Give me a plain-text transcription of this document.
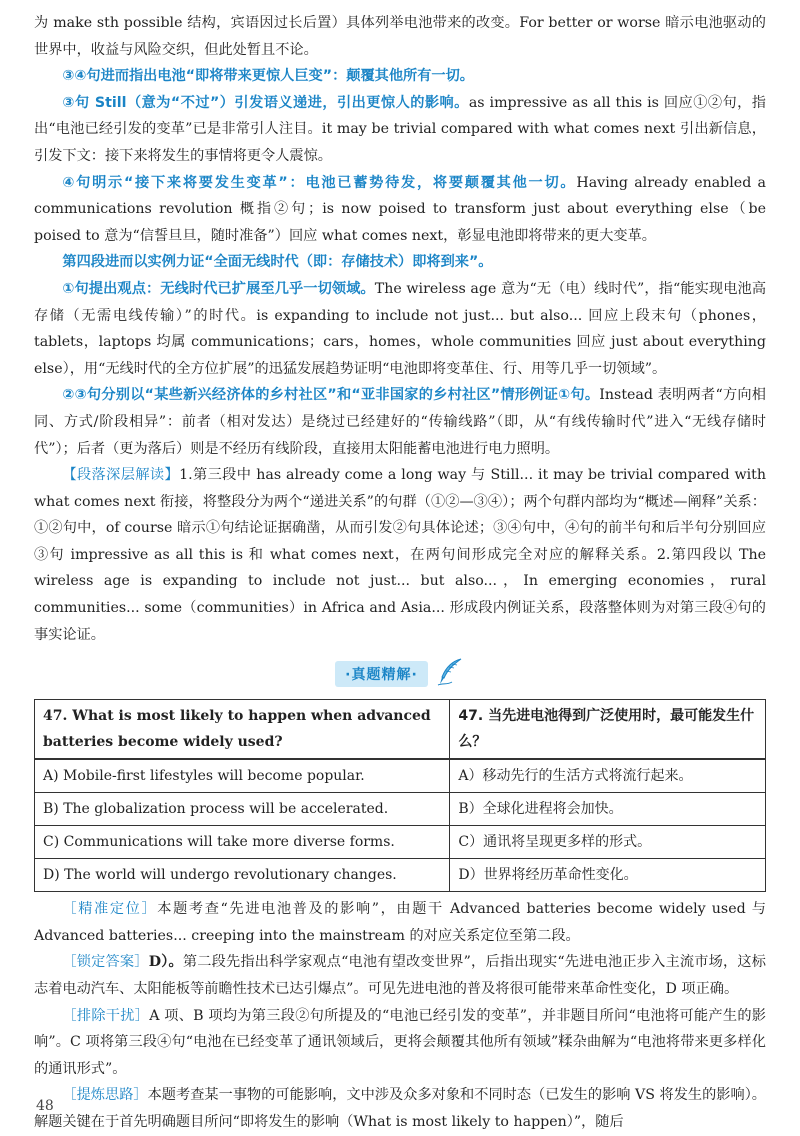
为 make sth possible 结构，宾语因过长后置）具体列举电池带来的改变。For better or worse 暗示电池驱动的世界中，收益与风险交织，但此处暂且不论。

③④句进而指出电池“即将带来更惊人巨变”：颠覆其他所有一切。

③句 Still（意为“不过”）引发语义递进，引出更惊人的影响。as impressive as all this is 回应①②句，指出“电池已经引发的变革”已是非常引人注目。it may be trivial compared with what comes next 引出新信息，引发下文：接下来将发生的事情将更令人震惊。

④句明示“接下来将要发生变革”：电池已蓄势待发，将要颠覆其他一切。Having already enabled a communications revolution 概指②句；is now poised to transform just about everything else（be poised to 意为“信誓旦旦，随时准备”）回应 what comes next，彰显电池即将带来的更大变革。

第四段进而以实例力证“全面无线时代（即：存储技术）即将到来”。

①句提出观点：无线时代已扩展至几乎一切领域。The wireless age 意为“无（电）线时代”，指“能实现电池高存储（无需电线传输）”的时代。is expanding to include not just... but also... 回应上段末句（phones，tablets，laptops 均属 communications；cars，homes，whole communities 回应 just about everything else），用“无线时代的全方位扩展”的迅猛发展趋势证明“电池即将变革住、行、用等几乎一切领域”。

②③句分别以“某些新兴经济体的乡村社区”和“亚非国家的乡村社区”情形例证①句。Instead 表明两者“方向相同、方式/阶段相异”：前者（相对发达）是绕过已经建好的“传输线路”（即，从“有线传输时代”进入“无线存储时代”）；后者（更为落后）则是不经历有线阶段，直接用太阳能蓄电池进行电力照明。

【段落深层解读】1.第三段中 has already come a long way 与 Still... it may be trivial compared with what comes next 衔接，将整段分为两个“递进关系”的句群（①②—③④）；两个句群内部均为“概述—阐释”关系：①②句中，of course 暗示①句结论证据确凿，从而引发②句具体论述；③④句中，④句的前半句和后半句分别回应③句 impressive as all this is 和 what comes next，在两句间形成完全对应的解释关系。2.第四段以 The wireless age is expanding to include not just... but also...，In emerging economies，rural communities... some（communities）in Africa and Asia... 形成段内例证关系，段落整体则为对第三段④句的事实论证。

·真题精解·
47. What is most likely to happen when advanced batteries become widely used?	47. 当先进电池得到广泛使用时，最可能发生什么？
A) Mobile-first lifestyles will become popular.	A）移动先行的生活方式将流行起来。
B) The globalization process will be accelerated.	B）全球化进程将会加快。
C) Communications will take more diverse forms.	C）通讯将呈现更多样的形式。
D) The world will undergo revolutionary changes.	D）世界将经历革命性变化。

［精准定位］本题考查“先进电池普及的影响”，由题干 Advanced batteries become widely used 与 Advanced batteries... creeping into the mainstream 的对应关系定位至第二段。

［锁定答案］D）。第二段先指出科学家观点“电池有望改变世界”，后指出现实“先进电池正步入主流市场，这标志着电动汽车、太阳能板等前瞻性技术已达引爆点”。可见先进电池的普及将很可能带来革命性变化，D 项正确。

［排除干扰］A 项、B 项均为第三段②句所提及的“电池已经引发的变革”，并非题目所问“电池将可能产生的影响”。C 项将第三段④句“电池在已经变革了通讯领域后，更将会颠覆其他所有领域”糅杂曲解为“电池将带来更多样化的通讯形式”。

［提炼思路］本题考查某一事物的可能影响，文中涉及众多对象和不同时态（已发生的影响 VS 将发生的影响）。解题关键在于首先明确题目所问“即将发生的影响（What is most likely to happen）”，随后

48
